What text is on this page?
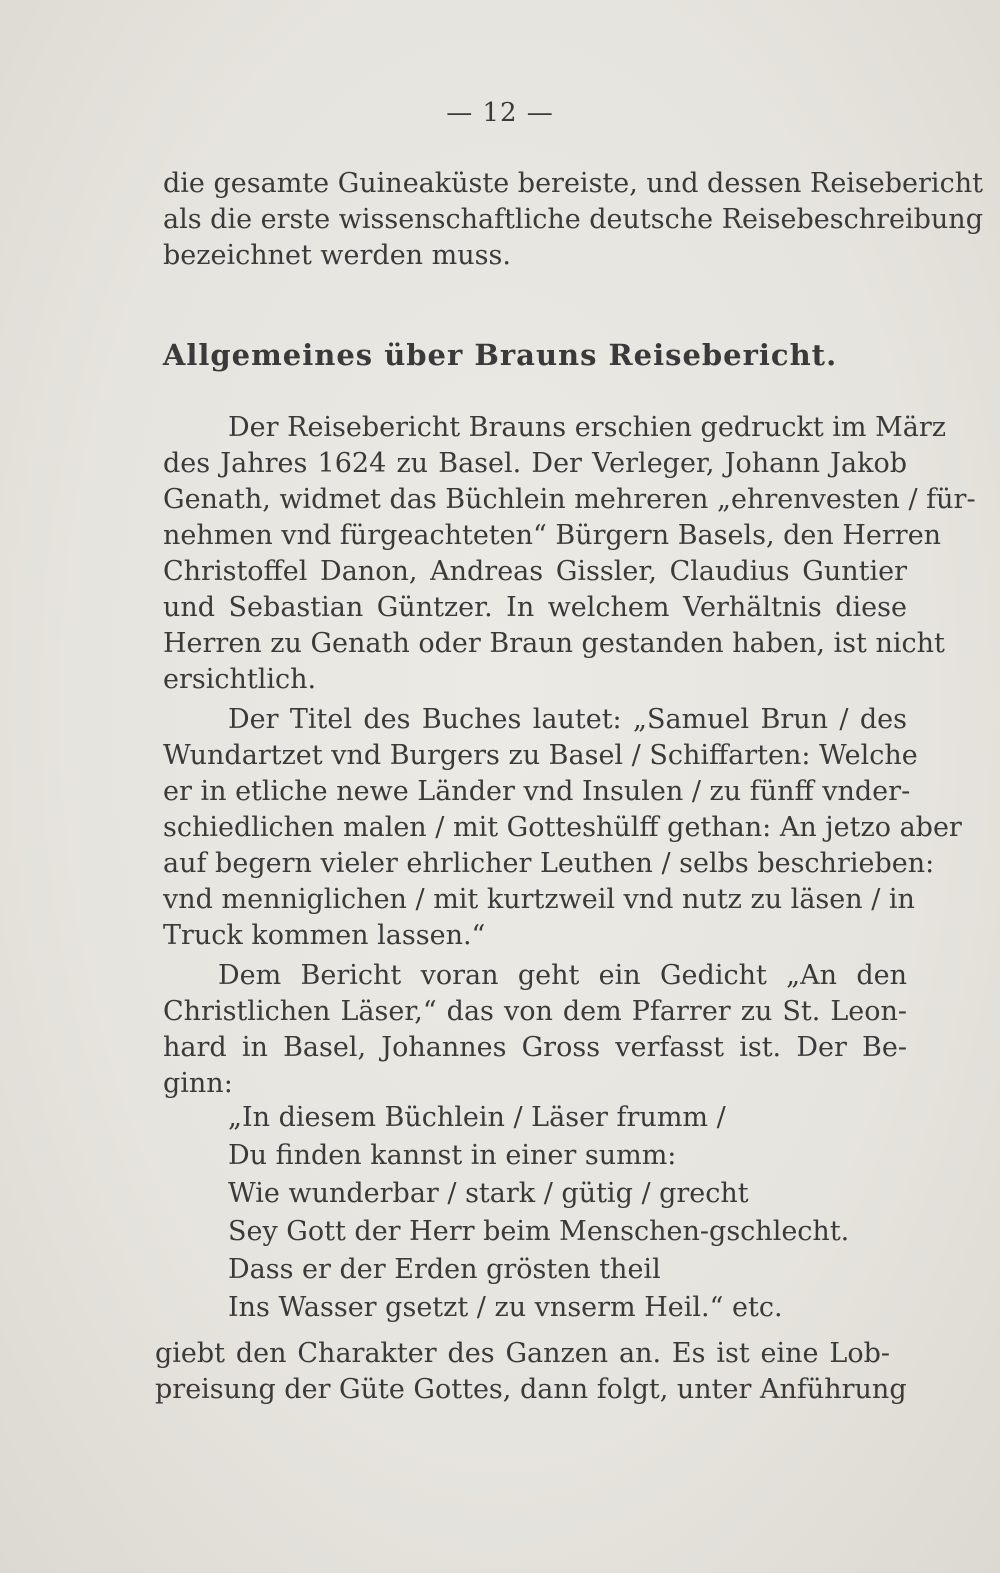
— 12 —
die gesamte Guineaküste bereiste, und dessen Reisebericht
als die erste wissenschaftliche deutsche Reisebeschreibung
bezeichnet werden muss.
Allgemeines über Brauns Reisebericht.
Der Reisebericht Brauns erschien gedruckt im März
des Jahres 1624 zu Basel. Der Verleger, Johann Jakob
Genath, widmet das Büchlein mehreren „ehrenvesten / für-
nehmen vnd fürgeachteten“ Bürgern Basels, den Herren
Christoffel Danon, Andreas Gissler, Claudius Guntier
und Sebastian Güntzer. In welchem Verhältnis diese
Herren zu Genath oder Braun gestanden haben, ist nicht
ersichtlich.
Der Titel des Buches lautet: „Samuel Brun / des
Wundartzet vnd Burgers zu Basel / Schiffarten: Welche
er in etliche newe Länder vnd Insulen / zu fünff vnder-
schiedlichen malen / mit Gotteshülff gethan: An jetzo aber
auf begern vieler ehrlicher Leuthen / selbs beschrieben:
vnd menniglichen / mit kurtzweil vnd nutz zu läsen / in
Truck kommen lassen.“
Dem Bericht voran geht ein Gedicht „An den
Christlichen Läser,“ das von dem Pfarrer zu St. Leon-
hard in Basel, Johannes Gross verfasst ist. Der Be-
ginn:
„In diesem Büchlein / Läser frumm /
Du finden kannst in einer summ:
Wie wunderbar / stark / gütig / grecht
Sey Gott der Herr beim Menschen-gschlecht.
Dass er der Erden grösten theil
Ins Wasser gsetzt / zu vnserm Heil.“ etc.
giebt den Charakter des Ganzen an. Es ist eine Lob-
preisung der Güte Gottes, dann folgt, unter Anführung
